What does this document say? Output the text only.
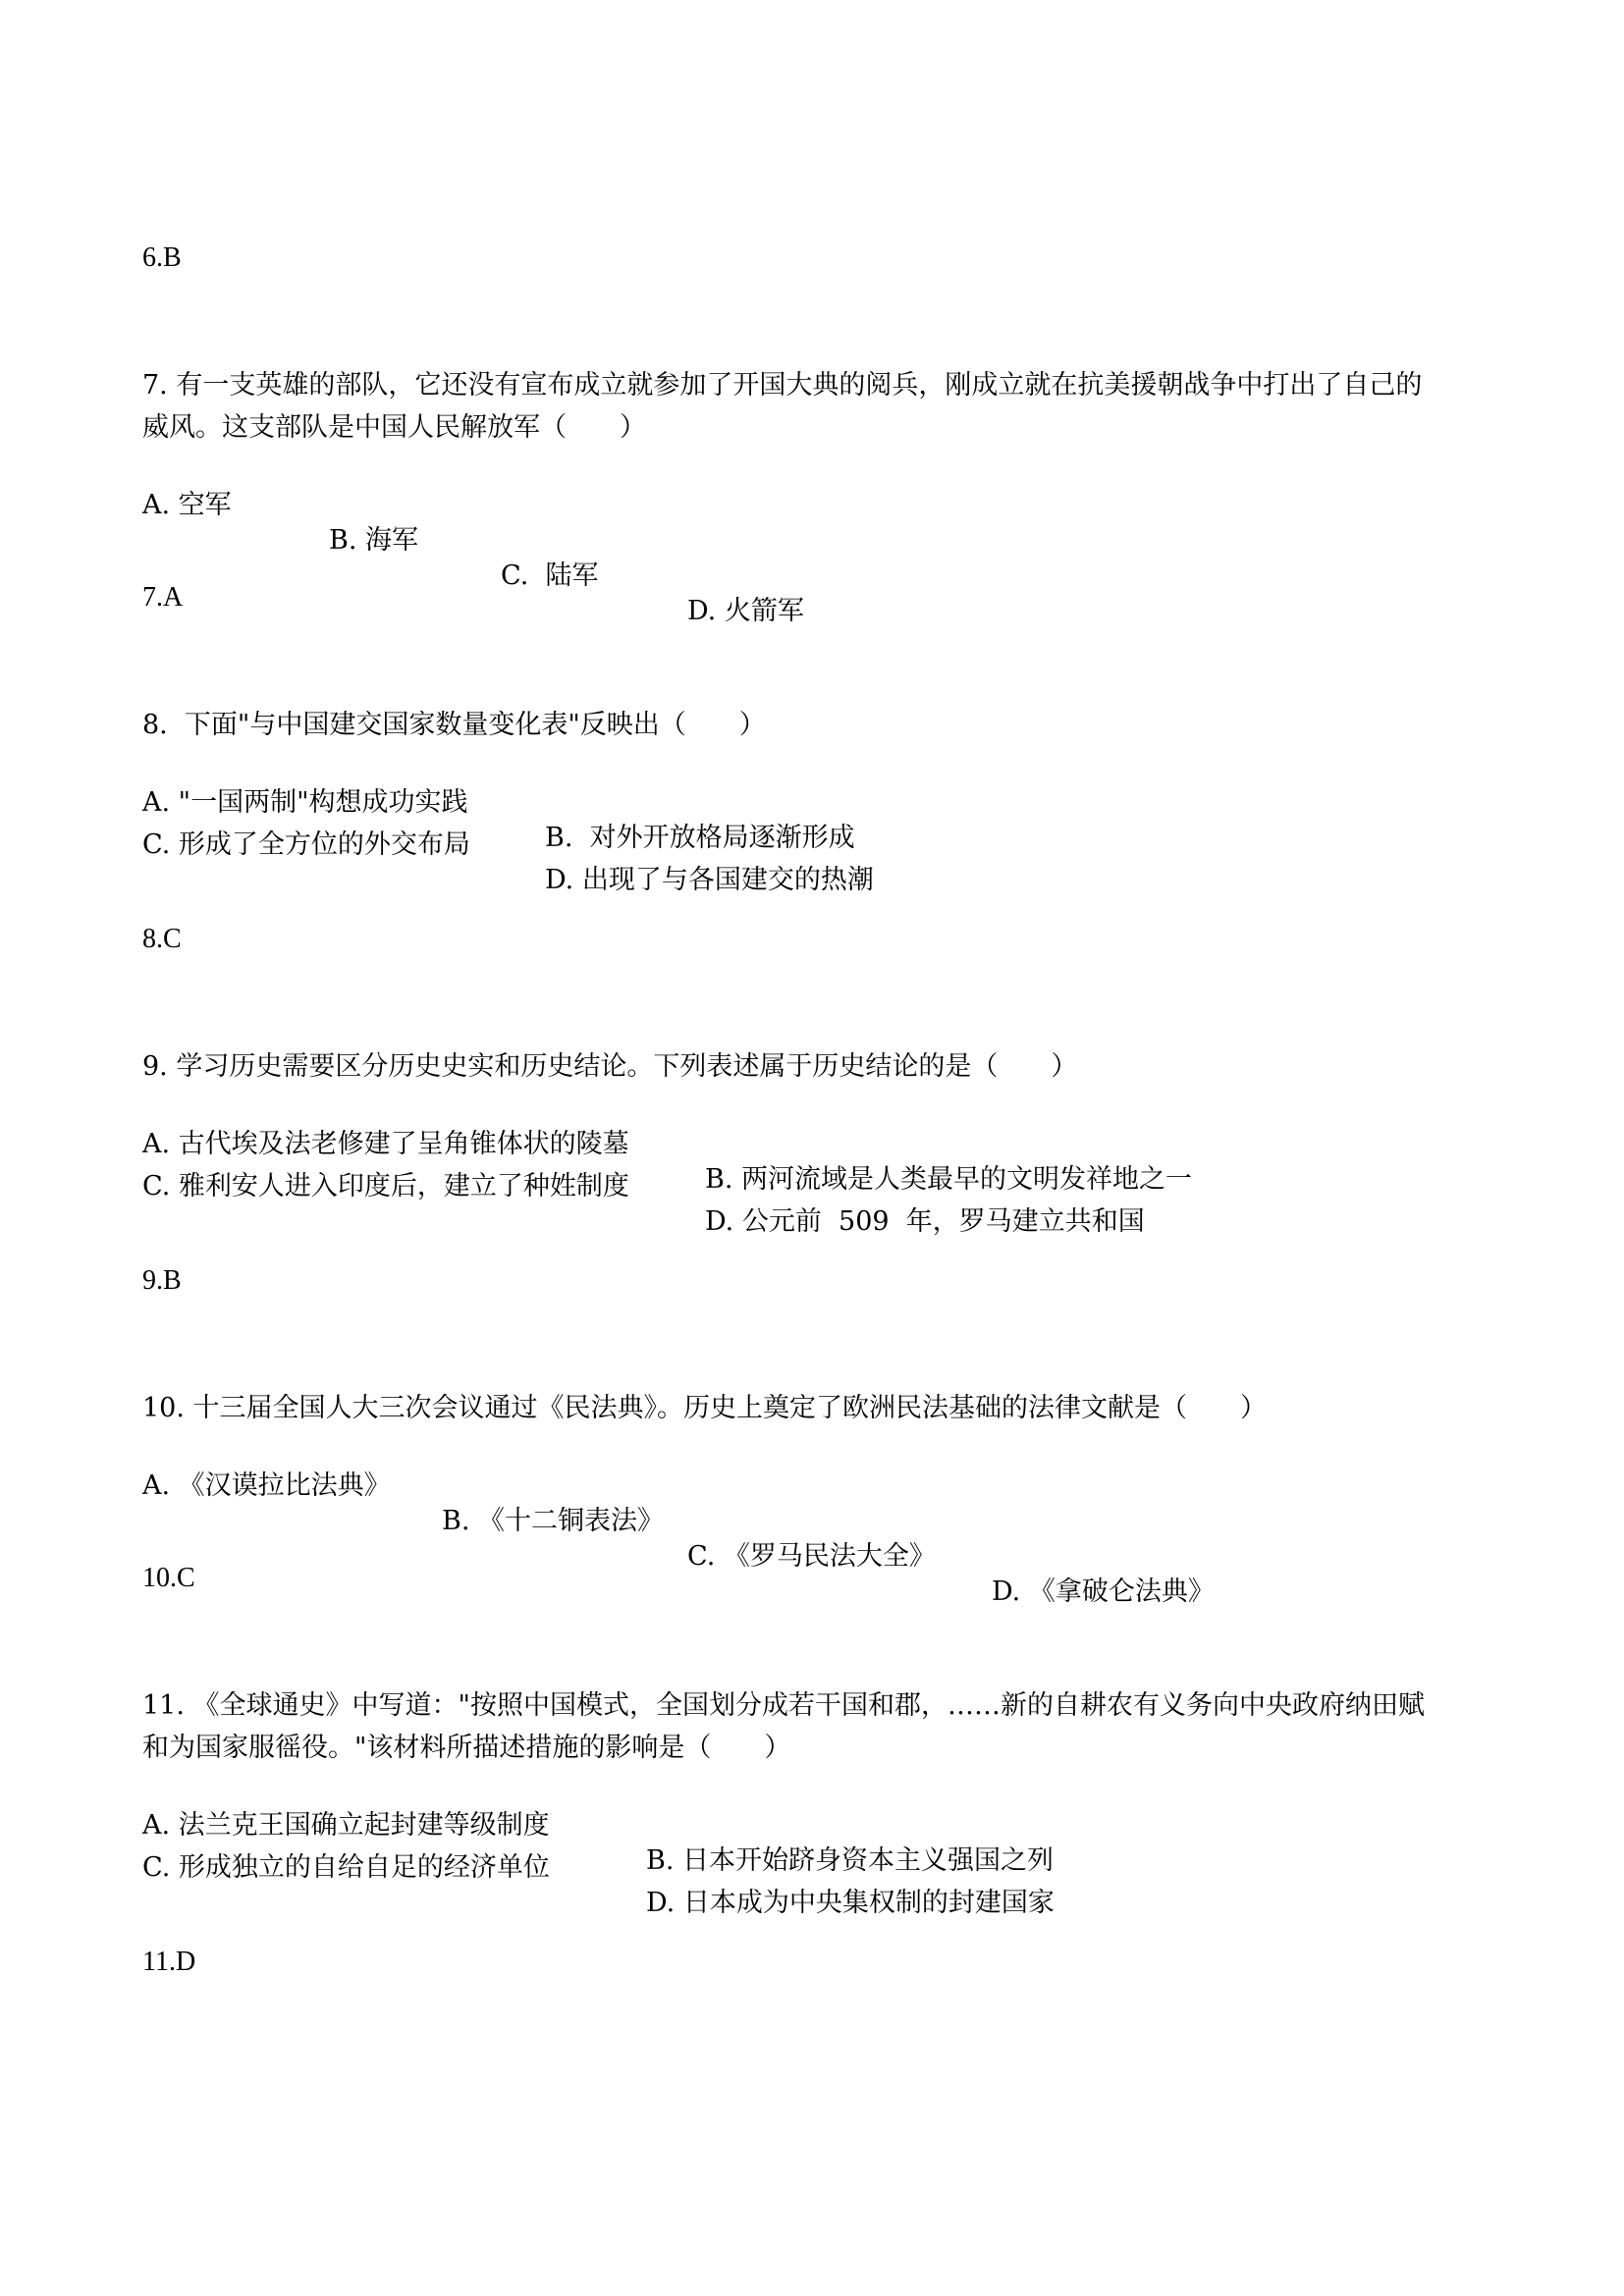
6.B
7. 有一支英雄的部队，它还没有宣布成立就参加了开国大典的阅兵，刚成立就在抗美援朝战争中打出了自己的
威风。这支部队是中国人民解放军（　　）

A. 空军

B. 海军

C.  陆军

D. 火箭军

7.A
8.  下面"与中国建交国家数量变化表"反映出（　　）

A. "一国两制"构想成功实践

B.  对外开放格局逐渐形成

C. 形成了全方位的外交布局

D. 出现了与各国建交的热潮

8.C
9. 学习历史需要区分历史史实和历史结论。下列表述属于历史结论的是（　　）

A. 古代埃及法老修建了呈角锥体状的陵墓

B. 两河流域是人类最早的文明发祥地之一

C. 雅利安人进入印度后，建立了种姓制度

D. 公元前  509  年，罗马建立共和国

9.B
10. 十三届全国人大三次会议通过《民法典》。历史上奠定了欧洲民法基础的法律文献是（　　）

A. 《汉谟拉比法典》

B. 《十二铜表法》

C. 《罗马民法大全》

D. 《拿破仑法典》

10.C
11. 《全球通史》中写道："按照中国模式，全国划分成若干国和郡，……新的自耕农有义务向中央政府纳田赋
和为国家服徭役。"该材料所描述措施的影响是（　　）

A. 法兰克王国确立起封建等级制度

B. 日本开始跻身资本主义强国之列

C. 形成独立的自给自足的经济单位

D. 日本成为中央集权制的封建国家

11.D
